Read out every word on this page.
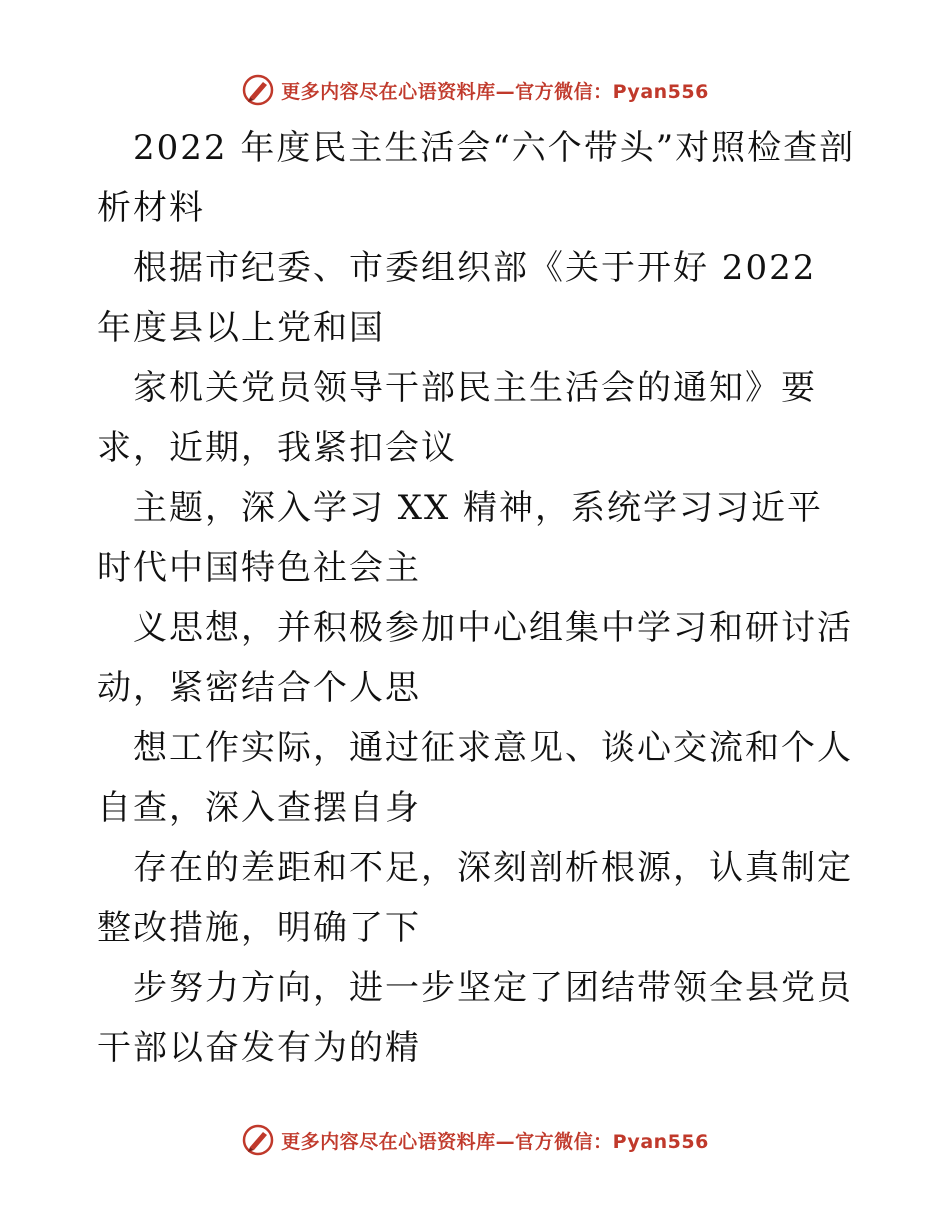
更多内容尽在心语资料库—官方微信：Pyan556

2022 年度民主生活会“六个带头”对照检查剖析材料

根据市纪委、市委组织部《关于开好 2022 年度县以上党和国

家机关党员领导干部民主生活会的通知》要求，近期，我紧扣会议

主题，深入学习 XX 精神，系统学习习近平时代中国特色社会主

义思想，并积极参加中心组集中学习和研讨活动，紧密结合个人思

想工作实际，通过征求意见、谈心交流和个人自查，深入查摆自身

存在的差距和不足，深刻剖析根源，认真制定整改措施，明确了下

步努力方向，进一步坚定了团结带领全县党员干部以奋发有为的精

更多内容尽在心语资料库—官方微信：Pyan556
